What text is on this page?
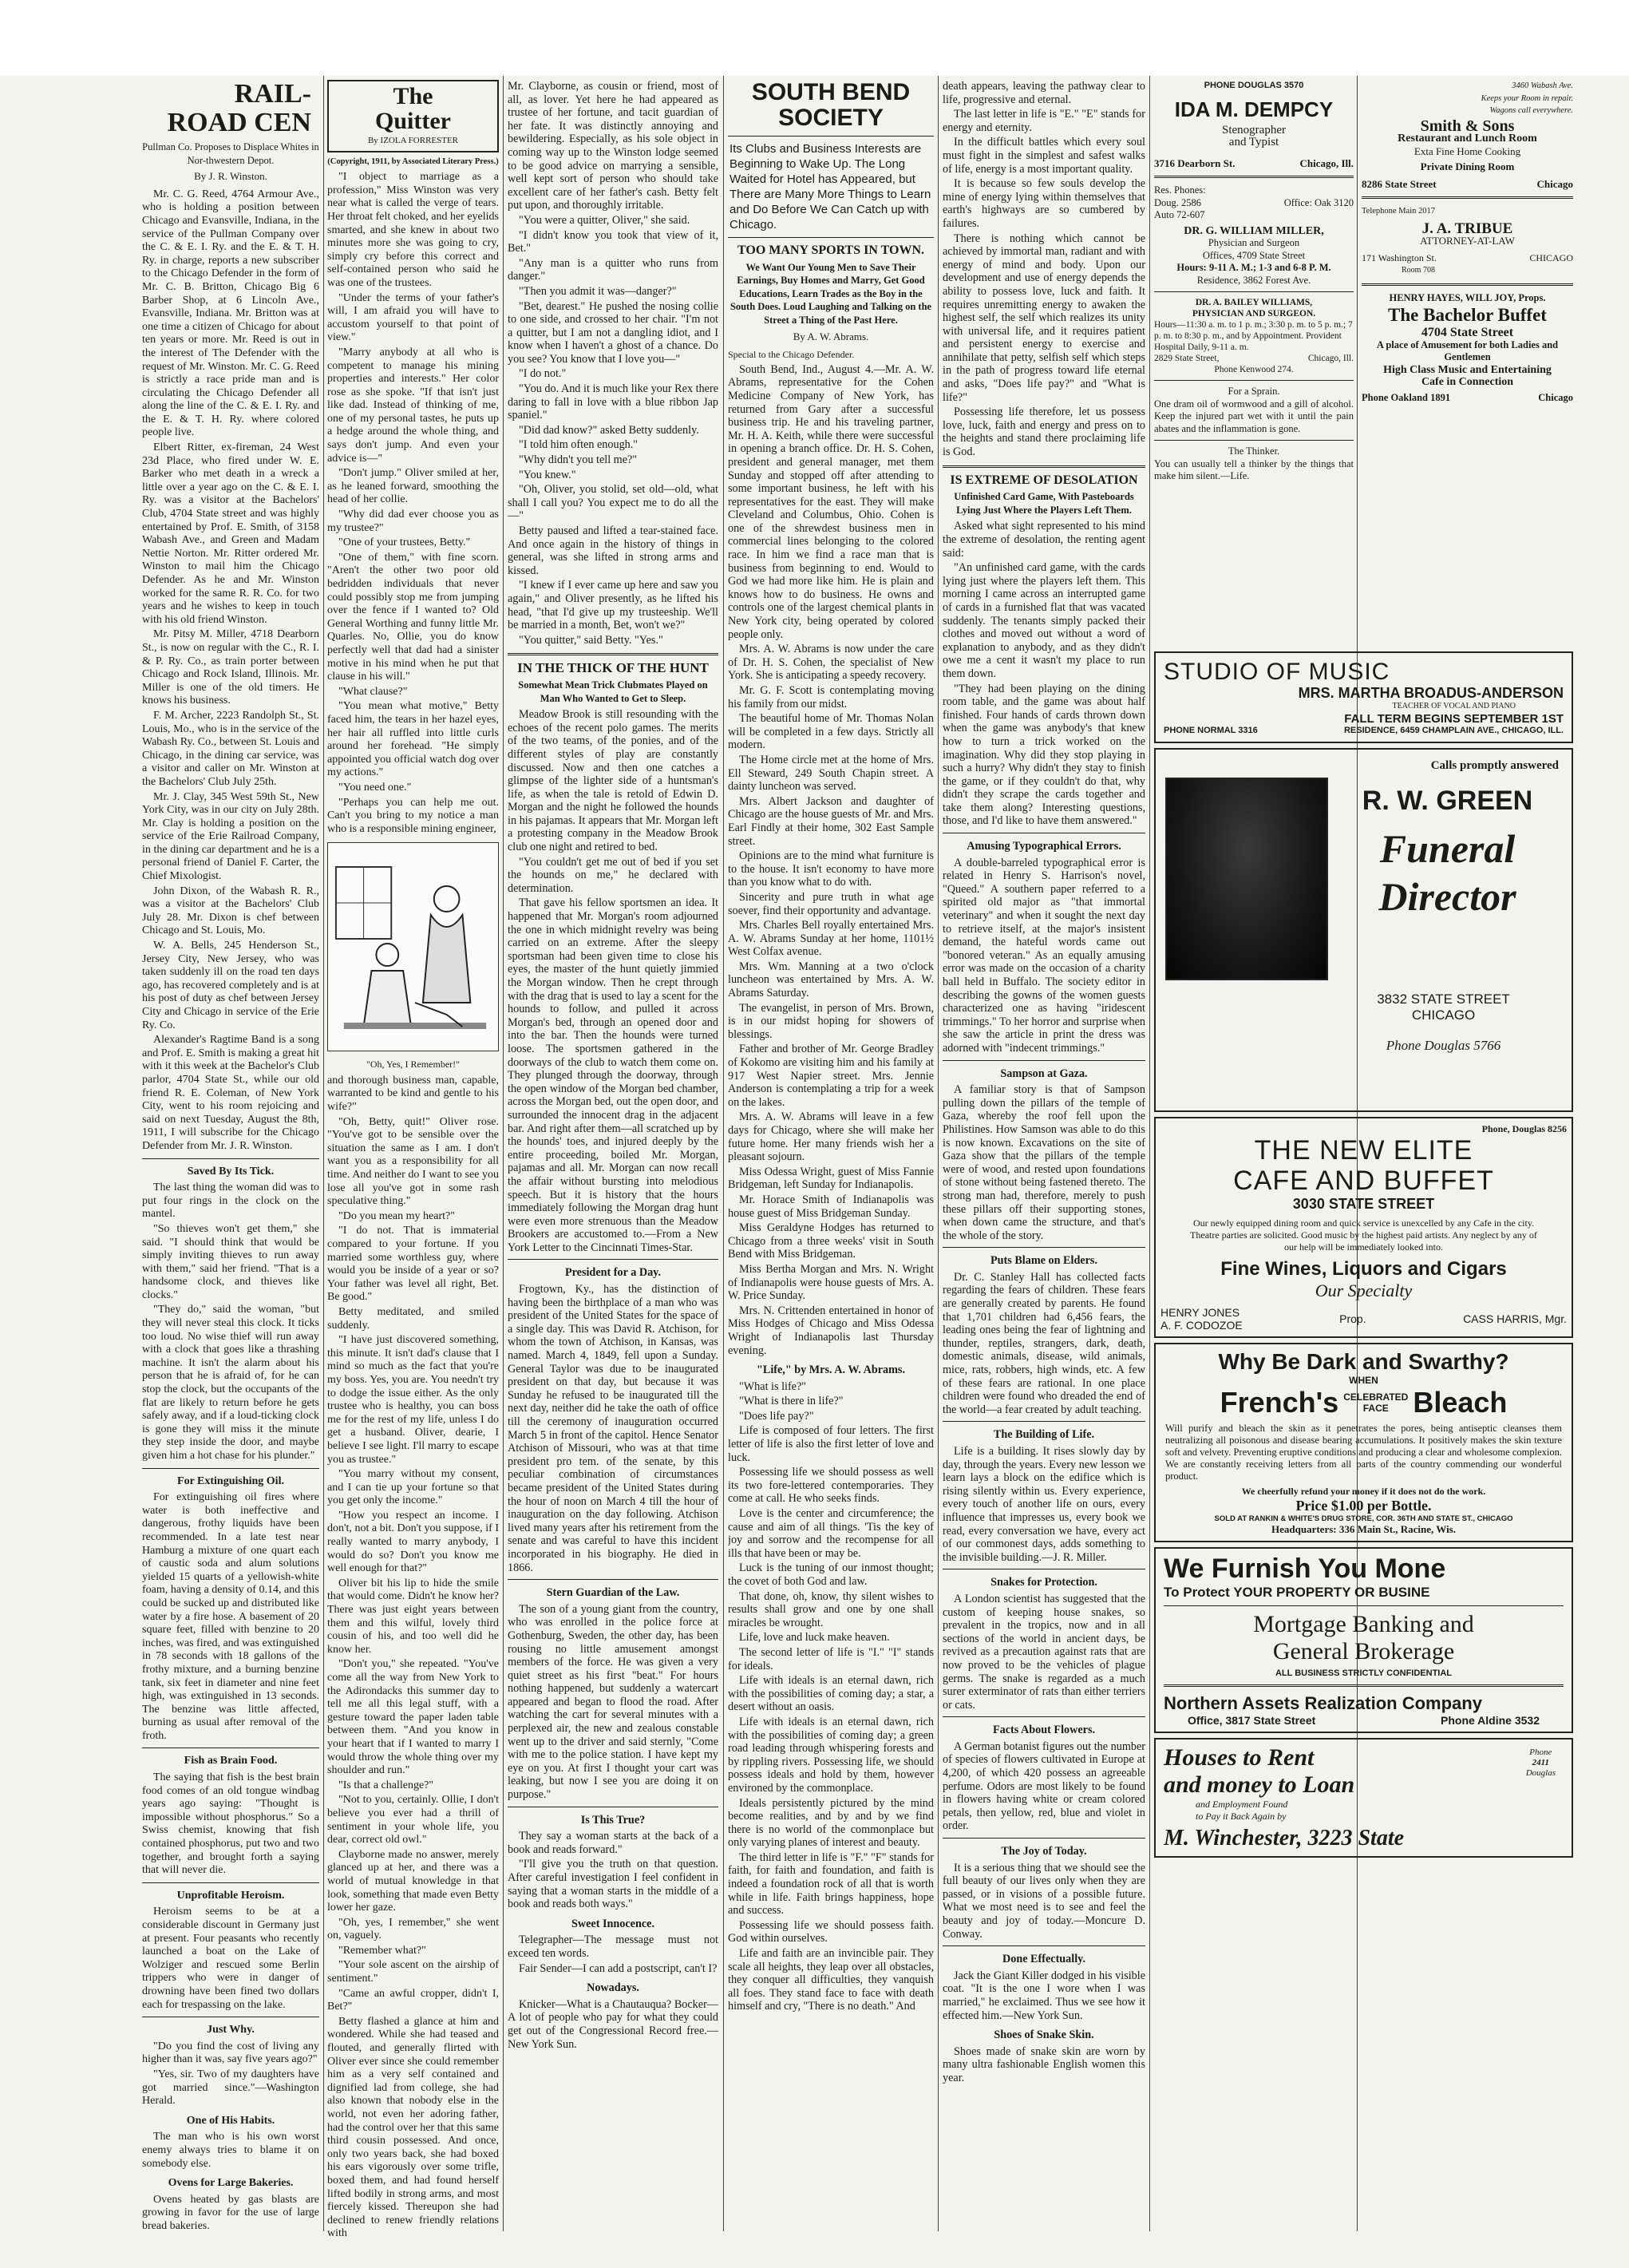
RAIL-
ROAD CEN
Pullman Co. Proposes to Displace Whites in Nor-thwestern Depot.
By J. R. Winston.

Mr. C. G. Reed, 4764 Armour Ave., who is holding a position between Chicago and Evansville, Indiana, in the service of the Pullman Company over the C. & E. I. Ry. and the E. & T. H. Ry. in charge, reports a new subscriber to the Chicago Defender in the form of Mr. C. B. Britton, Chicago Big 6 Barber Shop, at 6 Lincoln Ave., Evansville, Indiana. Mr. Britton was at one time a citizen of Chicago for about ten years or more. Mr. Reed is out in the interest of The Defender with the request of Mr. Winston. Mr. C. G. Reed is strictly a race pride man and is circulating the Chicago Defender all along the line of the C. & E. I. Ry. and the E. & T. H. Ry. where colored people live.

Elbert Ritter, ex-fireman, 24 West 23d Place, who fired under W. E. Barker who met death in a wreck a little over a year ago on the C. & E. I. Ry. was a visitor at the Bachelors' Club, 4704 State street and was highly entertained by Prof. E. Smith, of 3158 Wabash Ave., and Green and Madam Nettie Norton. Mr. Ritter ordered Mr. Winston to mail him the Chicago Defender. As he and Mr. Winston worked for the same R. R. Co. for two years and he wishes to keep in touch with his old friend Winston.

Mr. Pitsy M. Miller, 4718 Dearborn St., is now on regular with the C., R. I. & P. Ry. Co., as train porter between Chicago and Rock Island, Illinois. Mr. Miller is one of the old timers. He knows his business.

F. M. Archer, 2223 Randolph St., St. Louis, Mo., who is in the service of the Wabash Ry. Co., between St. Louis and Chicago, in the dining car service, was a visitor and caller on Mr. Winston at the Bachelors' Club July 25th.

Mr. J. Clay, 345 West 59th St., New York City, was in our city on July 28th. Mr. Clay is holding a position on the service of the Erie Railroad Company, in the dining car department and he is a personal friend of Daniel F. Carter, the Chief Mixologist.

John Dixon, of the Wabash R. R., was a visitor at the Bachelors' Club July 28. Mr. Dixon is chef between Chicago and St. Louis, Mo.

W. A. Bells, 245 Henderson St., Jersey City, New Jersey, who was taken suddenly ill on the road ten days ago, has recovered completely and is at his post of duty as chef between Jersey City and Chicago in service of the Erie Ry. Co.

Alexander's Ragtime Band is a song and Prof. E. Smith is making a great hit with it this week at the Bachelor's Club parlor, 4704 State St., while our old friend R. E. Coleman, of New York City, went to his room rejoicing and said on next Tuesday, August the 8th, 1911, I will subscribe for the Chicago Defender from Mr. J. R. Winston.

Saved By Its Tick.

The last thing the woman did was to put four rings in the clock on the mantel.

"So thieves won't get them," she said. "I should think that would be simply inviting thieves to run away with them," said her friend. "That is a handsome clock, and thieves like clocks."

"They do," said the woman, "but they will never steal this clock. It ticks too loud. No wise thief will run away with a clock that goes like a thrashing machine. It isn't the alarm about his person that he is afraid of, for he can stop the clock, but the occupants of the flat are likely to return before he gets safely away, and if a loud-ticking clock is gone they will miss it the minute they step inside the door, and maybe given him a hot chase for his plunder."

For Extinguishing Oil.

For extinguishing oil fires where water is both ineffective and dangerous, frothy liquids have been recommended. In a late test near Hamburg a mixture of one quart each of caustic soda and alum solutions yielded 15 quarts of a yellowish-white foam, having a density of 0.14, and this could be sucked up and distributed like water by a fire hose. A basement of 20 square feet, filled with benzine to 20 inches, was fired, and was extinguished in 78 seconds with 18 gallons of the frothy mixture, and a burning benzine tank, six feet in diameter and nine feet high, was extinguished in 13 seconds. The benzine was little affected, burning as usual after removal of the froth.

Fish as Brain Food.

The saying that fish is the best brain food comes of an old tongue windbag years ago saying: "Thought is impossible without phosphorus." So a Swiss chemist, knowing that fish contained phosphorus, put two and two together, and brought forth a saying that will never die.

Unprofitable Heroism.

Heroism seems to be at a considerable discount in Germany just at present. Four peasants who recently launched a boat on the Lake of Wolziger and rescued some Berlin trippers who were in danger of drowning have been fined two dollars each for trespassing on the lake.

Just Why.

"Do you find the cost of living any higher than it was, say five years ago?"

"Yes, sir. Two of my daughters have got married since."—Washington Herald.

One of His Habits.

The man who is his own worst enemy always tries to blame it on somebody else.

Ovens for Large Bakeries.

Ovens heated by gas blasts are growing in favor for the use of large bread bakeries.

The
Quitter
By IZOLA FORRESTER
(Copyright, 1911, by Associated Literary Press.)

"I object to marriage as a profession," Miss Winston was very near what is called the verge of tears. Her throat felt choked, and her eyelids smarted, and she knew in about two minutes more she was going to cry, simply cry before this correct and self-contained person who said he was one of the trustees.

"Under the terms of your father's will, I am afraid you will have to accustom yourself to that point of view."

"Marry anybody at all who is competent to manage his mining properties and interests." Her color rose as she spoke. "If that isn't just like dad. Instead of thinking of me, one of my personal tastes, he puts up a hedge around the whole thing, and says don't jump. And even your advice is—"

"Don't jump." Oliver smiled at her, as he leaned forward, smoothing the head of her collie.

"Why did dad ever choose you as my trustee?"

"One of your trustees, Betty."

"One of them," with fine scorn. "Aren't the other two poor old bedridden individuals that never could possibly stop me from jumping over the fence if I wanted to? Old General Worthing and funny little Mr. Quarles. No, Ollie, you do know perfectly well that dad had a sinister motive in his mind when he put that clause in his will."

"What clause?"

"You mean what motive," Betty faced him, the tears in her hazel eyes, her hair all ruffled into little curls around her forehead. "He simply appointed you official watch dog over my actions."

"You need one."

"Perhaps you can help me out. Can't you bring to my notice a man who is a responsible mining engineer,

"Oh, Yes, I Remember!"

and thorough business man, capable, warranted to be kind and gentle to his wife?"

"Oh, Betty, quit!" Oliver rose. "You've got to be sensible over the situation the same as I am. I don't want you as a responsibility for all time. And neither do I want to see you lose all you've got in some rash speculative thing."

"Do you mean my heart?"

"I do not. That is immaterial compared to your fortune. If you married some worthless guy, where would you be inside of a year or so? Your father was level all right, Bet. Be good."

Betty meditated, and smiled suddenly.

"I have just discovered something, this minute. It isn't dad's clause that I mind so much as the fact that you're my boss. Yes, you are. You needn't try to dodge the issue either. As the only trustee who is healthy, you can boss me for the rest of my life, unless I do get a husband. Oliver, dearie, I believe I see light. I'll marry to escape you as trustee."

"You marry without my consent, and I can tie up your fortune so that you get only the income."

"How you respect an income. I don't, not a bit. Don't you suppose, if I really wanted to marry anybody, I would do so? Don't you know me well enough for that?"

Oliver bit his lip to hide the smile that would come. Didn't he know her? There was just eight years between them and this wilful, lovely third cousin of his, and too well did he know her.

"Don't you," she repeated. "You've come all the way from New York to the Adirondacks this summer day to tell me all this legal stuff, with a gesture toward the paper laden table between them. "And you know in your heart that if I wanted to marry I would throw the whole thing over my shoulder and run."

"Is that a challenge?"

"Not to you, certainly. Ollie, I don't believe you ever had a thrill of sentiment in your whole life, you dear, correct old owl."

Clayborne made no answer, merely glanced up at her, and there was a world of mutual knowledge in that look, something that made even Betty lower her gaze.

"Oh, yes, I remember," she went on, vaguely.

"Remember what?"

"Your sole ascent on the airship of sentiment."

"Came an awful cropper, didn't I, Bet?"

Betty flashed a glance at him and wondered. While she had teased and flouted, and generally flirted with Oliver ever since she could remember him as a very self contained and dignified lad from college, she had also known that nobody else in the world, not even her adoring father, had the control over her that this same third cousin possessed. And once, only two years back, she had boxed his ears vigorously over some trifle, boxed them, and had found herself lifted bodily in strong arms, and most fiercely kissed. Thereupon she had declined to renew friendly relations with

Mr. Clayborne, as cousin or friend, most of all, as lover. Yet here he had appeared as trustee of her fortune, and tacit guardian of her fate. It was distinctly annoying and bewildering. Especially, as his sole object in coming way up to the Winston lodge seemed to be good advice on marrying a sensible, well kept sort of person who should take excellent care of her father's cash. Betty felt put upon, and thoroughly irritable.

"You were a quitter, Oliver," she said.

"I didn't know you took that view of it, Bet."

"Any man is a quitter who runs from danger."

"Then you admit it was—danger?"

"Bet, dearest." He pushed the nosing collie to one side, and crossed to her chair. "I'm not a quitter, but I am not a dangling idiot, and I know when I haven't a ghost of a chance. Do you see? You know that I love you—"

"I do not."

"You do. And it is much like your Rex there daring to fall in love with a blue ribbon Jap spaniel."

"Did dad know?" asked Betty suddenly.

"I told him often enough."

"Why didn't you tell me?"

"You knew."

"Oh, Oliver, you stolid, set old—old, what shall I call you? You expect me to do all the—"

Betty paused and lifted a tear-stained face. And once again in the history of things in general, was she lifted in strong arms and kissed.

"I knew if I ever came up here and saw you again," and Oliver presently, as he lifted his head, "that I'd give up my trusteeship. We'll be married in a month, Bet, won't we?"

"You quitter," said Betty. "Yes."

IN THE THICK OF THE HUNT
Somewhat Mean Trick Clubmates Played on Man Who Wanted to Get to Sleep.

Meadow Brook is still resounding with the echoes of the recent polo games. The merits of the two teams, of the ponies, and of the different styles of play are constantly discussed. Now and then one catches a glimpse of the lighter side of a huntsman's life, as when the tale is retold of Edwin D. Morgan and the night he followed the hounds in his pajamas. It appears that Mr. Morgan left a protesting company in the Meadow Brook club one night and retired to bed.

"You couldn't get me out of bed if you set the hounds on me," he declared with determination.

That gave his fellow sportsmen an idea. It happened that Mr. Morgan's room adjourned the one in which midnight revelry was being carried on an extreme. After the sleepy sportsman had been given time to close his eyes, the master of the hunt quietly jimmied the Morgan window. Then he crept through with the drag that is used to lay a scent for the hounds to follow, and pulled it across Morgan's bed, through an opened door and into the bar. Then the hounds were turned loose. The sportsmen gathered in the doorways of the club to watch them come on. They plunged through the doorway, through the open window of the Morgan bed chamber, across the Morgan bed, out the open door, and surrounded the innocent drag in the adjacent bar. And right after them—all scratched up by the hounds' toes, and injured deeply by the entire proceeding, boiled Mr. Morgan, pajamas and all. Mr. Morgan can now recall the affair without bursting into melodious speech. But it is history that the hours immediately following the Morgan drag hunt were even more strenuous than the Meadow Brookers are accustomed to.—From a New York Letter to the Cincinnati Times-Star.

President for a Day.

Frogtown, Ky., has the distinction of having been the birthplace of a man who was president of the United States for the space of a single day. This was David R. Atchison, for whom the town of Atchison, in Kansas, was named. March 4, 1849, fell upon a Sunday. General Taylor was due to be inaugurated president on that day, but because it was Sunday he refused to be inaugurated till the next day, neither did he take the oath of office till the ceremony of inauguration occurred March 5 in front of the capitol. Hence Senator Atchison of Missouri, who was at that time president pro tem. of the senate, by this peculiar combination of circumstances became president of the United States during the hour of noon on March 4 till the hour of inauguration on the day following. Atchison lived many years after his retirement from the senate and was careful to have this incident incorporated in his biography. He died in 1866.

Stern Guardian of the Law.

The son of a young giant from the country, who was enrolled in the police force at Gothenburg, Sweden, the other day, has been rousing no little amusement amongst members of the force. He was given a very quiet street as his first "beat." For hours nothing happened, but suddenly a watercart appeared and began to flood the road. After watching the cart for several minutes with a perplexed air, the new and zealous constable went up to the driver and said sternly, "Come with me to the police station. I have kept my eye on you. At first I thought your cart was leaking, but now I see you are doing it on purpose."

Is This True?

They say a woman starts at the back of a book and reads forward."

"I'll give you the truth on that question. After careful investigation I feel confident in saying that a woman starts in the middle of a book and reads both ways."

Sweet Innocence.

Telegrapher—The message must not exceed ten words.

Fair Sender—I can add a postscript, can't I?

Nowadays.

Knicker—What is a Chautauqua? Bocker—A lot of people who pay for what they could get out of the Congressional Record free.—New York Sun.

SOUTH BEND
SOCIETY
Its Clubs and Business Interests are Beginning to Wake Up. The Long Waited for Hotel has Appeared, but There are Many More Things to Learn and Do Before We Can Catch up with Chicago.
TOO MANY SPORTS IN TOWN.
We Want Our Young Men to Save Their Earnings, Buy Homes and Marry, Get Good Educations, Learn Trades as the Boy in the South Does. Loud Laughing and Talking on the Street a Thing of the Past Here.
By A. W. Abrams.

Special to the Chicago Defender.

South Bend, Ind., August 4.—Mr. A. W. Abrams, representative for the Cohen Medicine Company of New York, has returned from Gary after a successful business trip. He and his traveling partner, Mr. H. A. Keith, while there were successful in opening a branch office. Dr. H. S. Cohen, president and general manager, met them Sunday and stopped off after attending to some important business, he left with his representatives for the east. They will make Cleveland and Columbus, Ohio. Cohen is one of the shrewdest business men in commercial lines belonging to the colored race. In him we find a race man that is business from beginning to end. Would to God we had more like him. He is plain and knows how to do business. He owns and controls one of the largest chemical plants in New York city, being operated by colored people only.

Mrs. A. W. Abrams is now under the care of Dr. H. S. Cohen, the specialist of New York. She is anticipating a speedy recovery.

Mr. G. F. Scott is contemplating moving his family from our midst.

The beautiful home of Mr. Thomas Nolan will be completed in a few days. Strictly all modern.

The Home circle met at the home of Mrs. Ell Steward, 249 South Chapin street. A dainty luncheon was served.

Mrs. Albert Jackson and daughter of Chicago are the house guests of Mr. and Mrs. Earl Findly at their home, 302 East Sample street.

Opinions are to the mind what furniture is to the house. It isn't economy to have more than you know what to do with.

Sincerity and pure truth in what age soever, find their opportunity and advantage.

Mrs. Charles Bell royally entertained Mrs. A. W. Abrams Sunday at her home, 1101½ West Colfax avenue.

Mrs. Wm. Manning at a two o'clock luncheon was entertained by Mrs. A. W. Abrams Saturday.

The evangelist, in person of Mrs. Brown, is in our midst hoping for showers of blessings.

Father and brother of Mr. George Bradley of Kokomo are visiting him and his family at 917 West Napier street. Mrs. Jennie Anderson is contemplating a trip for a week on the lakes.

Mrs. A. W. Abrams will leave in a few days for Chicago, where she will make her future home. Her many friends wish her a pleasant sojourn.

Miss Odessa Wright, guest of Miss Fannie Bridgeman, left Sunday for Indianapolis.

Mr. Horace Smith of Indianapolis was house guest of Miss Bridgeman Sunday.

Miss Geraldyne Hodges has returned to Chicago from a three weeks' visit in South Bend with Miss Bridgeman.

Miss Bertha Morgan and Mrs. N. Wright of Indianapolis were house guests of Mrs. A. W. Price Sunday.

Mrs. N. Crittenden entertained in honor of Miss Hodges of Chicago and Miss Odessa Wright of Indianapolis last Thursday evening.

"Life," by Mrs. A. W. Abrams.

"What is life?"

"What is there in life?"

"Does life pay?"

Life is composed of four letters. The first letter of life is also the first letter of love and luck.

Possessing life we should possess as well its two fore-lettered contemporaries. They come at call. He who seeks finds.

Love is the center and circumference; the cause and aim of all things. 'Tis the key of joy and sorrow and the recompense for all ills that have been or may be.

Luck is the tuning of our inmost thought; the covet of both God and law.

That done, oh, know, thy silent wishes to results shall grow and one by one shall miracles be wrought.

Life, love and luck make heaven.

The second letter of life is "I." "I" stands for ideals.

Life with ideals is an eternal dawn, rich with the possibilities of coming day; a star, a desert without an oasis.

Life with ideals is an eternal dawn, rich with the possibilities of coming day; a green road leading through whispering forests and by rippling rivers. Possessing life, we should possess ideals and hold by them, however environed by the commonplace.

Ideals persistently pictured by the mind become realities, and by and by we find there is no world of the commonplace but only varying planes of interest and beauty.

The third letter in life is "F." "F" stands for faith, for faith and foundation, and faith is indeed a foundation rock of all that is worth while in life. Faith brings happiness, hope and success.

Possessing life we should possess faith. God within ourselves.

Life and faith are an invincible pair. They scale all heights, they leap over all obstacles, they conquer all difficulties, they vanquish all foes. They stand face to face with death himself and cry, "There is no death." And

death appears, leaving the pathway clear to life, progressive and eternal.

The last letter in life is "E." "E" stands for energy and eternity.

In the difficult battles which every soul must fight in the simplest and safest walks of life, energy is a most important quality.

It is because so few souls develop the mine of energy lying within themselves that earth's highways are so cumbered by failures.

There is nothing which cannot be achieved by immortal man, radiant and with energy of mind and body. Upon our development and use of energy depends the ability to possess love, luck and faith. It requires unremitting energy to awaken the highest self, the self which realizes its unity with universal life, and it requires patient and persistent energy to exercise and annihilate that petty, selfish self which steps in the path of progress toward life eternal and asks, "Does life pay?" and "What is life?"

Possessing life therefore, let us possess love, luck, faith and energy and press on to the heights and stand there proclaiming life is God.

IS EXTREME OF DESOLATION
Unfinished Card Game, With Pasteboards Lying Just Where the Players Left Them.

Asked what sight represented to his mind the extreme of desolation, the renting agent said:

"An unfinished card game, with the cards lying just where the players left them. This morning I came across an interrupted game of cards in a furnished flat that was vacated suddenly. The tenants simply packed their clothes and moved out without a word of explanation to anybody, and as they didn't owe me a cent it wasn't my place to run them down.

"They had been playing on the dining room table, and the game was about half finished. Four hands of cards thrown down when the game was anybody's that knew how to turn a trick worked on the imagination. Why did they stop playing in such a hurry? Why didn't they stay to finish the game, or if they couldn't do that, why didn't they scrape the cards together and take them along? Interesting questions, those, and I'd like to have them answered."

Amusing Typographical Errors.

A double-barreled typographical error is related in Henry S. Harrison's novel, "Queed." A southern paper referred to a spirited old major as "that immortal veterinary" and when it sought the next day to retrieve itself, at the major's insistent demand, the hateful words came out "bonored veteran." As an equally amusing error was made on the occasion of a charity ball held in Buffalo. The society editor in describing the gowns of the women guests characterized one as having "iridescent trimmings." To her horror and surprise when she saw the article in print the dress was adorned with "indecent trimmings."

Sampson at Gaza.

A familiar story is that of Sampson pulling down the pillars of the temple of Gaza, whereby the roof fell upon the Philistines. How Samson was able to do this is now known. Excavations on the site of Gaza show that the pillars of the temple were of wood, and rested upon foundations of stone without being fastened thereto. The strong man had, therefore, merely to push these pillars off their supporting stones, when down came the structure, and that's the whole of the story.

Puts Blame on Elders.

Dr. C. Stanley Hall has collected facts regarding the fears of children. These fears are generally created by parents. He found that 1,701 children had 6,456 fears, the leading ones being the fear of lightning and thunder, reptiles, strangers, dark, death, domestic animals, disease, wild animals, mice, rats, robbers, high winds, etc. A few of these fears are rational. In one place children were found who dreaded the end of the world—a fear created by adult teaching.

The Building of Life.

Life is a building. It rises slowly day by day, through the years. Every new lesson we learn lays a block on the edifice which is rising silently within us. Every experience, every touch of another life on ours, every influence that impresses us, every book we read, every conversation we have, every act of our commonest days, adds something to the invisible building.—J. R. Miller.

Snakes for Protection.

A London scientist has suggested that the custom of keeping house snakes, so prevalent in the tropics, now and in all sections of the world in ancient days, be revived as a precaution against rats that are now proved to be the vehicles of plague germs. The snake is regarded as a much surer exterminator of rats than either terriers or cats.

Facts About Flowers.

A German botanist figures out the number of species of flowers cultivated in Europe at 4,200, of which 420 possess an agreeable perfume. Odors are most likely to be found in flowers having white or cream colored petals, then yellow, red, blue and violet in order.

The Joy of Today.

It is a serious thing that we should see the full beauty of our lives only when they are passed, or in visions of a possible future. What we most need is to see and feel the beauty and joy of today.—Moncure D. Conway.

Done Effectually.

Jack the Giant Killer dodged in his visible coat. "It is the one I wore when I was married," he exclaimed. Thus we see how it effected him.—New York Sun.

Shoes of Snake Skin.

Shoes made of snake skin are worn by many ultra fashionable English women this year.

PHONE DOUGLAS 3570
IDA M. DEMPCY
Stenographer
and Typist
3716 Dearborn St.	Chicago, Ill.
Res. Phones:
Doug. 2586
Auto 72-607
Office: Oak 3120
DR. G. WILLIAM MILLER,
Physician and Surgeon
Offices, 4709 State Street
Hours: 9-11 A. M.; 1-3 and 6-8 P. M.
Residence, 3862 Forest Ave.
DR. A. BAILEY WILLIAMS,
PHYSICIAN AND SURGEON.
Hours—11:30 a. m. to 1 p. m.; 3:30 p. m. to 5 p. m.; 7 p. m. to 8:30 p. m., and by Appointment. Provident Hospital Daily, 9-11 a. m.
2829 State Street,	Chicago, Ill.
Phone Kenwood 274.
For a Sprain.
One dram oil of wormwood and a gill of alcohol. Keep the injured part wet with it until the pain abates and the inflammation is gone.
The Thinker.
You can usually tell a thinker by the things that make him silent.—Life.
3460 Wabash Ave.
Keeps your Room in repair.
Wagons call everywhere.
Smith & Sons
Restaurant and Lunch Room
Exta Fine Home Cooking
Private Dining Room
8286 State Street	Chicago
Telephone Main 2017
J. A. TRIBUE
ATTORNEY-AT-LAW
171 Washington St.	CHICAGO
Room 708
HENRY HAYES, WILL JOY, Props.
The Bachelor Buffet
4704 State Street
A place of Amusement for both Ladies and Gentlemen
High Class Music and Entertaining
Cafe in Connection
Phone Oakland 1891	Chicago
STUDIO OF MUSIC
MRS. MARTHA BROADUS-ANDERSON
TEACHER OF VOCAL AND PIANO
PHONE NORMAL 3316
FALL TERM BEGINS SEPTEMBER 1ST
RESIDENCE, 6459 CHAMPLAIN AVE., CHICAGO, ILL.
Calls promptly answered
R. W. GREEN
Funeral
Director
3832 STATE STREET
CHICAGO
Phone Douglas 5766
Phone, Douglas 8256
THE NEW ELITE
CAFE AND BUFFET
3030 STATE STREET
Our newly equipped dining room and quick service is unexcelled by any Cafe in the city. Theatre parties are solicited. Good music by the highest paid artists. Any neglect by any of our help will be immediately looked into.
Fine Wines, Liquors and Cigars
Our Specialty
HENRY JONES
A. F. CODOZOE	Prop.	CASS HARRIS, Mgr.
Why Be Dark and Swarthy?
WHEN
French's CELEBRATED
FACE Bleach
Will purify and bleach the skin as it penetrates the pores, being antiseptic cleanses them neutralizing all poisonous and disease bearing accumulations. It positively makes the skin texture soft and velvety. Preventing eruptive conditions and producing a clear and wholesome complexion. We are constantly receiving letters from all parts of the country commending our wonderful product.
We cheerfully refund your money if it does not do the work.
Price $1.00 per Bottle.
SOLD AT RANKIN & WHITE'S DRUG STORE, COR. 36TH AND STATE ST., CHICAGO
Headquarters: 336 Main St., Racine, Wis.
We Furnish You Mone
To Protect YOUR PROPERTY OR BUSINE
Mortgage Banking and
General Brokerage
ALL BUSINESS STRICTLY CONFIDENTIAL
Northern Assets Realization Company
Office, 3817 State Street	Phone Aldine 3532
Phone
2411
Douglas
Houses to Rent
and money to Loan
and Employment Found
to Pay it Back Again by
M. Winchester, 3223 State
